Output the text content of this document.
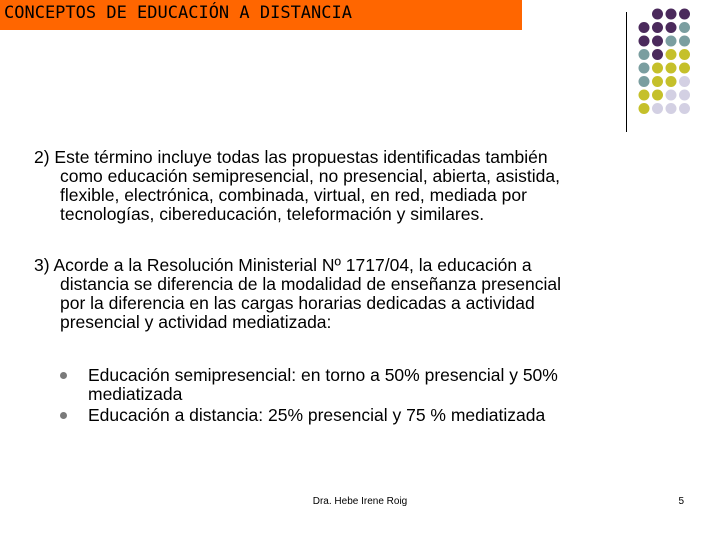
CONCEPTOS DE EDUCACIÓN A DISTANCIA
2) Este término incluye todas las propuestas identificadas también
como educación semipresencial, no presencial, abierta, asistida,
flexible, electrónica, combinada, virtual, en red, mediada por
tecnologías, cibereducación, teleformación y similares.
3) Acorde a la Resolución Ministerial Nº 1717/04, la educación a
distancia se diferencia de la modalidad de enseñanza presencial
por la diferencia en las cargas horarias dedicadas a actividad
presencial y actividad mediatizada:
Educación semipresencial: en torno a 50% presencial y 50%
mediatizada
Educación a distancia: 25% presencial y 75 % mediatizada
Dra. Hebe Irene Roig	5
